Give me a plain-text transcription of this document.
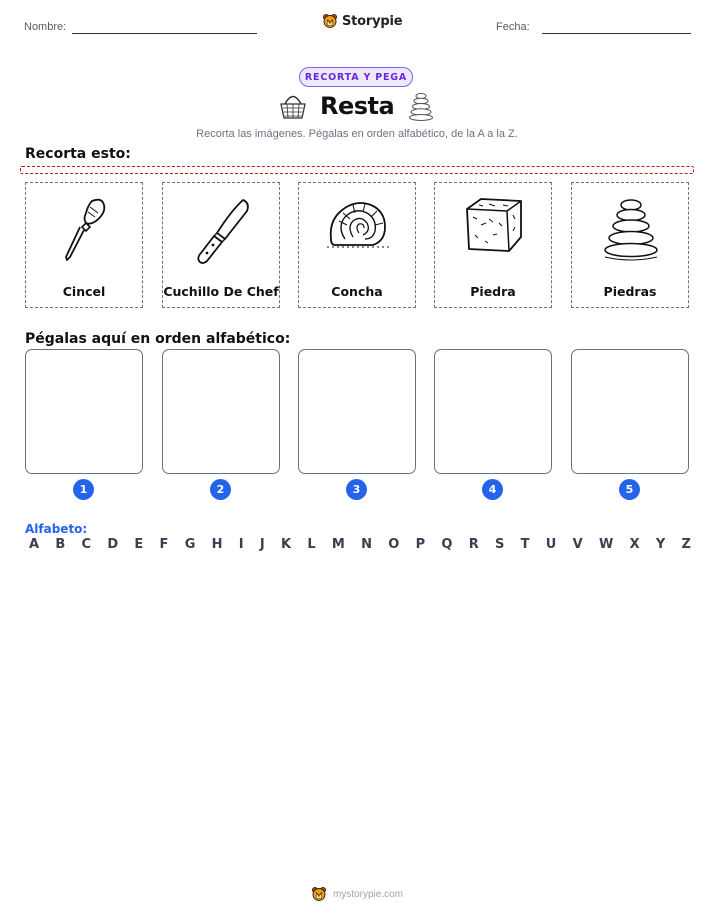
Nombre:	Storypie	Fecha:
RECORTA Y PEGA
Resta
Recorta las imágenes. Pégalas en orden alfabético, de la A a la Z.
Recorta esto:
Cincel	Cuchillo De Chef	Concha	Piedra	Piedras
Pégalas aquí en orden alfabético:
1	2	3	4	5
Alfabeto:
A B C D E F G H I J K L M N O P Q R S T U V W X Y Z
mystorypie.com
